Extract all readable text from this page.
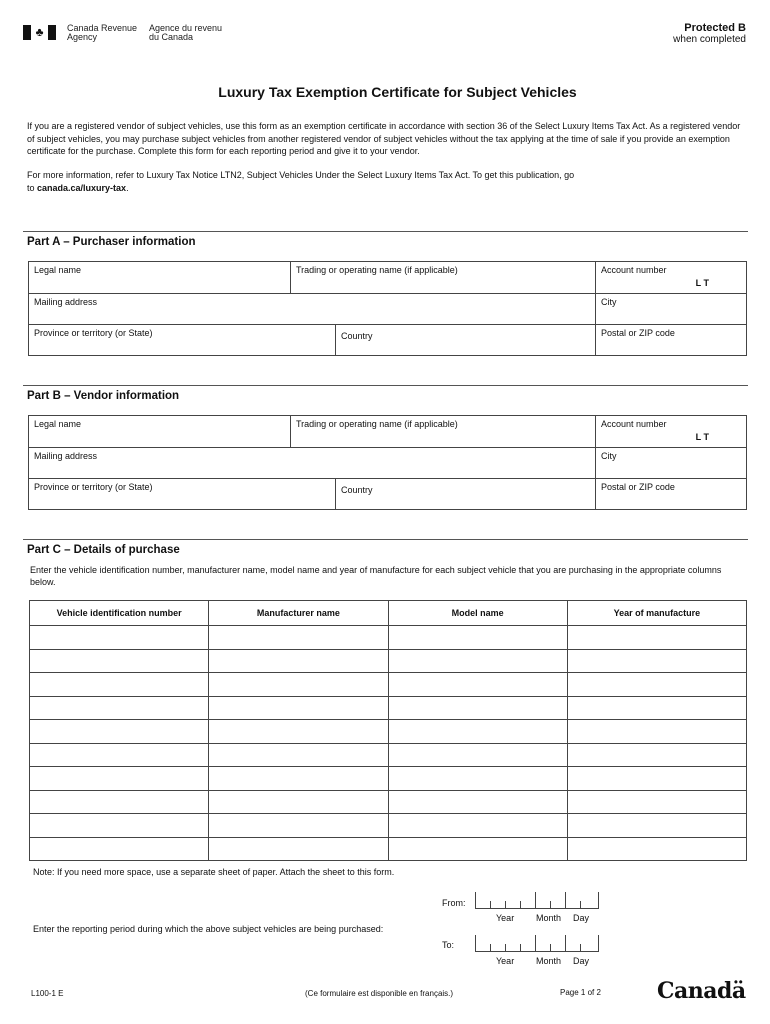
♣	Canada Revenue
Agency
Agence du revenu
du Canada
Protected B
when completed
Luxury Tax Exemption Certificate for Subject Vehicles

If you are a registered vendor of subject vehicles, use this form as an exemption certificate in accordance with section 36 of the Select Luxury Items Tax Act. As a registered vendor of subject vehicles, you may purchase subject vehicles from another registered vendor of subject vehicles without the tax applying at the time of sale if you provide an exemption certificate for the purchase. Complete this form for each reporting period and give it to your vendor.

For more information, refer to Luxury Tax Notice LTN2, Subject Vehicles Under the Select Luxury Items Tax Act. To get this publication, go
to canada.ca/luxury-tax.

Part A – Purchaser information
Legal name	Trading or operating name (if applicable)	Account number
LT
Mailing address	City
Province or territory (or State)	Country	Postal or ZIP code
Part B – Vendor information
Legal name	Trading or operating name (if applicable)	Account number
LT
Mailing address	City
Province or territory (or State)	Country	Postal or ZIP code
Part C – Details of purchase

Enter the vehicle identification number, manufacturer name, model name and year of manufacture for each subject vehicle that you are purchasing in the appropriate columns below.

Vehicle identification number	Manufacturer name	Model name	Year of manufacture

Note: If you need more space, use a separate sheet of paper. Attach the sheet to this form.
Enter the reporting period during which the above subject vehicles are being purchased:
From:
Year Month Day
To:
Year Month Day
L100-1 E	(Ce formulaire est disponible en français.)	Page 1 of 2	Canadä
